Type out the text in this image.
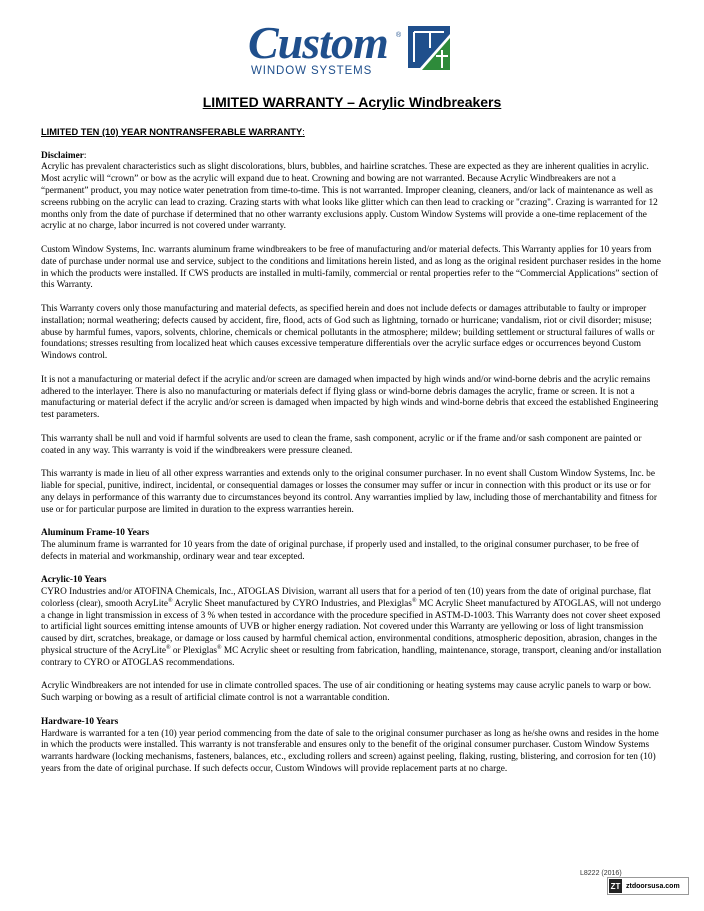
Custom ®
WINDOW SYSTEMS
LIMITED WARRANTY – Acrylic Windbreakers

LIMITED TEN (10) YEAR NONTRANSFERABLE WARRANTY:

Disclaimer:
Acrylic has prevalent characteristics such as slight discolorations, blurs, bubbles, and hairline scratches. These are expected as they are inherent qualities in acrylic. Most acrylic will “crown” or bow as the acrylic will expand due to heat. Crowning and bowing are not warranted. Because Acrylic Windbreakers are not a “permanent” product, you may notice water penetration from time-to-time. This is not warranted. Improper cleaning, cleaners, and/or lack of maintenance as well as screens rubbing on the acrylic can lead to crazing. Crazing starts with what looks like glitter which can then lead to cracking or "crazing". Crazing is warranted for 12 months only from the date of purchase if determined that no other warranty exclusions apply. Custom Window Systems will provide a one-time replacement of the acrylic at no charge, labor incurred is not covered under warranty.

Custom Window Systems, Inc. warrants aluminum frame windbreakers to be free of manufacturing and/or material defects. This Warranty applies for 10 years from date of purchase under normal use and service, subject to the conditions and limitations herein listed, and as long as the original resident purchaser resides in the home in which the products were installed. If CWS products are installed in multi-family, commercial or rental properties refer to the “Commercial Applications” section of this Warranty.

This Warranty covers only those manufacturing and material defects, as specified herein and does not include defects or damages attributable to faulty or improper installation; normal weathering; defects caused by accident, fire, flood, acts of God such as lightning, tornado or hurricane; vandalism, riot or civil disorder; misuse; abuse by harmful fumes, vapors, solvents, chlorine, chemicals or chemical pollutants in the atmosphere; mildew; building settlement or structural failures of walls or foundations; stresses resulting from localized heat which causes excessive temperature differentials over the acrylic surface edges or occurrences beyond Custom Windows control.

It is not a manufacturing or material defect if the acrylic and/or screen are damaged when impacted by high winds and/or wind-borne debris and the acrylic remains adhered to the interlayer. There is also no manufacturing or materials defect if flying glass or wind-borne debris damages the acrylic, frame or screen. It is not a manufacturing or material defect if the acrylic and/or screen is damaged when impacted by high winds and wind-borne debris that exceed the established Engineering test parameters.

This warranty shall be null and void if harmful solvents are used to clean the frame, sash component, acrylic or if the frame and/or sash component are painted or coated in any way. This warranty is void if the windbreakers were pressure cleaned.

This warranty is made in lieu of all other express warranties and extends only to the original consumer purchaser. In no event shall Custom Window Systems, Inc. be liable for special, punitive, indirect, incidental, or consequential damages or losses the consumer may suffer or incur in connection with this product or its use or for any delays in performance of this warranty due to circumstances beyond its control. Any warranties implied by law, including those of merchantability and fitness for use or for particular purpose are limited in duration to the express warranties herein.

Aluminum Frame-10 Years
The aluminum frame is warranted for 10 years from the date of original purchase, if properly used and installed, to the original consumer purchaser, to be free of defects in material and workmanship, ordinary wear and tear excepted.

Acrylic-10 Years
CYRO Industries and/or ATOFINA Chemicals, Inc., ATOGLAS Division, warrant all users that for a period of ten (10) years from the date of original purchase, flat colorless (clear), smooth AcryLite® Acrylic Sheet manufactured by CYRO Industries, and Plexiglas® MC Acrylic Sheet manufactured by ATOGLAS, will not undergo a change in light transmission in excess of 3 % when tested in accordance with the procedure specified in ASTM-D-1003. This Warranty does not cover sheet exposed to artificial light sources emitting intense amounts of UVB or higher energy radiation. Not covered under this Warranty are yellowing or loss of light transmission caused by dirt, scratches, breakage, or damage or loss caused by harmful chemical action, environmental conditions, atmospheric deposition, abrasion, changes in the physical structure of the AcryLite® or Plexiglas® MC Acrylic sheet or resulting from fabrication, handling, maintenance, storage, transport, cleaning and/or installation contrary to CYRO or ATOGLAS recommendations.

Acrylic Windbreakers are not intended for use in climate controlled spaces. The use of air conditioning or heating systems may cause acrylic panels to warp or bow. Such warping or bowing as a result of artificial climate control is not a warrantable condition.

Hardware-10 Years
Hardware is warranted for a ten (10) year period commencing from the date of sale to the original consumer purchaser as long as he/she owns and resides in the home in which the products were installed. This warranty is not transferable and ensures only to the benefit of the original consumer purchaser. Custom Window Systems warrants hardware (locking mechanisms, fasteners, balances, etc., excluding rollers and screen) against peeling, flaking, rusting, blistering, and corrosion for ten (10) years from the date of original purchase. If such defects occur, Custom Windows will provide replacement parts at no charge.

L8222 (2016)
ZT ztdoorsusa.com
